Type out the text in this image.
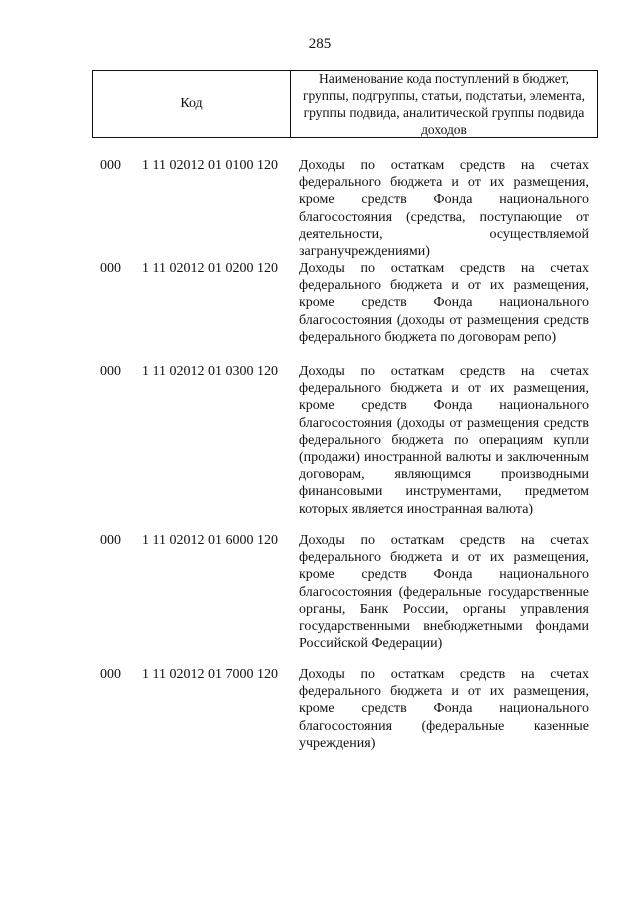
285
Код
Наименование кода поступлений в бюджет, группы, подгруппы, статьи, подстатьи, элемента, группы подвида, аналитической группы подвида доходов
000	1 11 02012 01 0100 120	Доходы по остаткам средств на счетах федерального бюджета и от их размещения, кроме средств Фонда национального благосостояния (средства, поступающие от деятельности, осуществляемой загранучреждениями)
000	1 11 02012 01 0200 120	Доходы по остаткам средств на счетах федерального бюджета и от их размещения, кроме средств Фонда национального благосостояния (доходы от размещения средств федерального бюджета по договорам репо)
000	1 11 02012 01 0300 120	Доходы по остаткам средств на счетах федерального бюджета и от их размещения, кроме средств Фонда национального благосостояния (доходы от размещения средств федерального бюджета по операциям купли (продажи) иностранной валюты и заключенным договорам, являющимся производными финансовыми инструментами, предметом которых является иностранная валюта)
000	1 11 02012 01 6000 120	Доходы по остаткам средств на счетах федерального бюджета и от их размещения, кроме средств Фонда национального благосостояния (федеральные государственные органы, Банк России, органы управления государственными внебюджетными фондами Российской Федерации)
000	1 11 02012 01 7000 120	Доходы по остаткам средств на счетах федерального бюджета и от их размещения, кроме средств Фонда национального благосостояния (федеральные казенные учреждения)
